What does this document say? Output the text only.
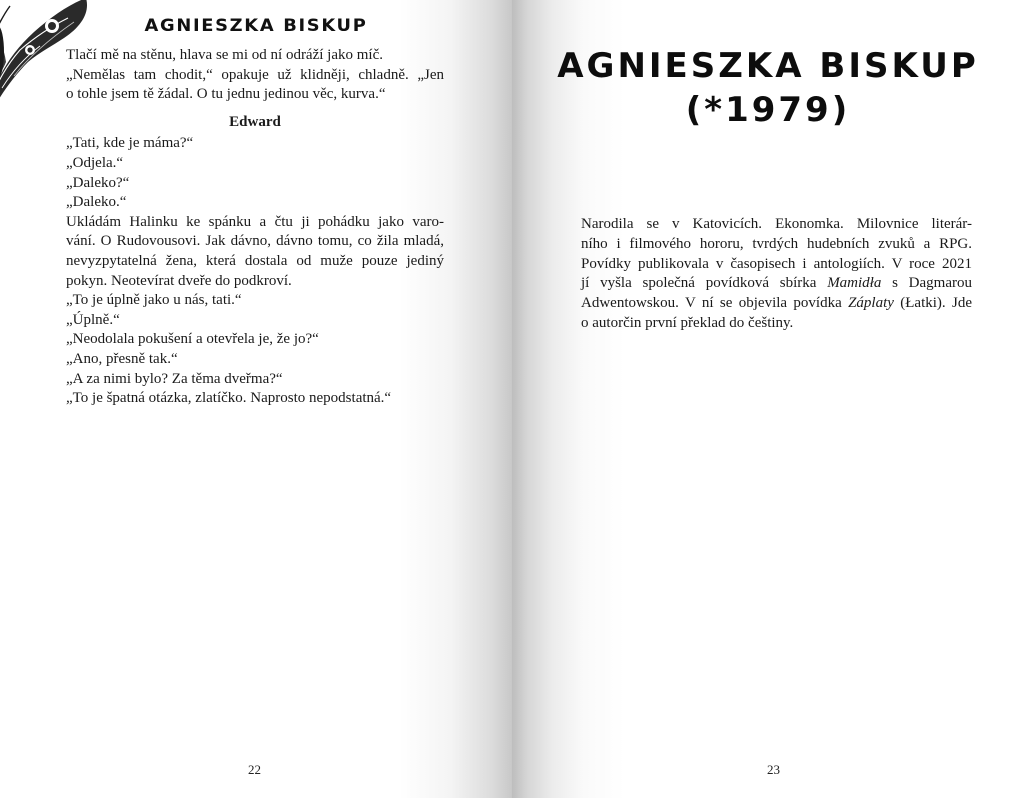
AGNIESZKA BISKUP
Tlačí mě na stěnu, hlava se mi od ní odráží jako míč.
„Nemělas tam chodit,“ opakuje už klidněji, chladně. „Jen
o tohle jsem tě žádal. O tu jednu jedinou věc, kurva.“
Edward
„Tati, kde je máma?“
„Odjela.“
„Daleko?“
„Daleko.“
Ukládám Halinku ke spánku a čtu ji pohádku jako varo-
vání. O Rudovousovi. Jak dávno, dávno tomu, co žila mladá,
nevyzpytatelná žena, která dostala od muže pouze jediný
pokyn. Neotevírat dveře do podkroví.
„To je úplně jako u nás, tati.“
„Úplně.“
„Neodolala pokušení a otevřela je, že jo?“
„Ano, přesně tak.“
„A za nimi bylo? Za těma dveřma?“
„To je špatná otázka, zlatíčko. Naprosto nepodstatná.“
22
AGNIESZKA BISKUP
(*1979)
Narodila se v Katovicích. Ekonomka. Milovnice literár-
ního i filmového hororu, tvrdých hudebních zvuků a RPG.
Povídky publikovala v časopisech i antologiích. V roce 2021
jí vyšla společná povídková sbírka Mamidła s Dagmarou
Adwentowskou. V ní se objevila povídka Záplaty (Łatki). Jde
o autorčin první překlad do češtiny.
23
